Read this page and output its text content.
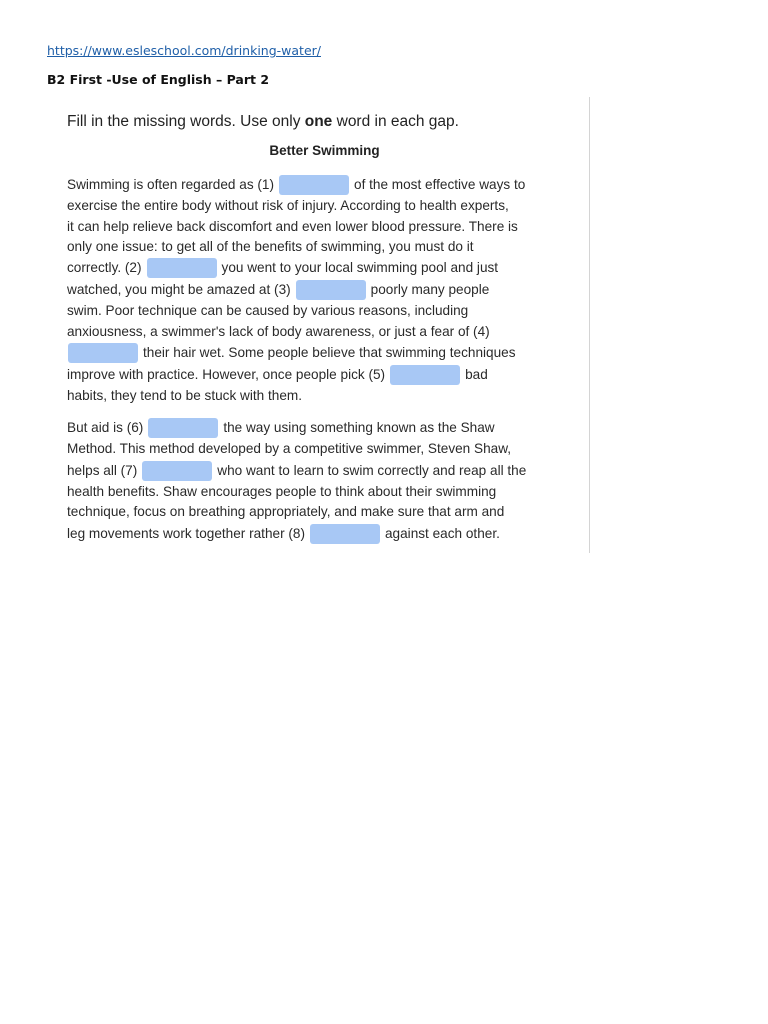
https://www.esleschool.com/drinking-water/
B2 First -Use of English – Part 2
Fill in the missing words. Use only one word in each gap.
Better Swimming
Swimming is often regarded as (1)	of the most effective ways to
exercise the entire body without risk of injury. According to health experts,
it can help relieve back discomfort and even lower blood pressure. There is
only one issue: to get all of the benefits of swimming, you must do it
correctly. (2)	you went to your local swimming pool and just
watched, you might be amazed at (3)	poorly many people
swim. Poor technique can be caused by various reasons, including
anxiousness, a swimmer's lack of body awareness, or just a fear of (4)
their hair wet. Some people believe that swimming techniques
improve with practice. However, once people pick (5)	bad
habits, they tend to be stuck with them.
But aid is (6)	the way using something known as the Shaw
Method. This method developed by a competitive swimmer, Steven Shaw,
helps all (7)	who want to learn to swim correctly and reap all the
health benefits. Shaw encourages people to think about their swimming
technique, focus on breathing appropriately, and make sure that arm and
leg movements work together rather (8)	against each other.
